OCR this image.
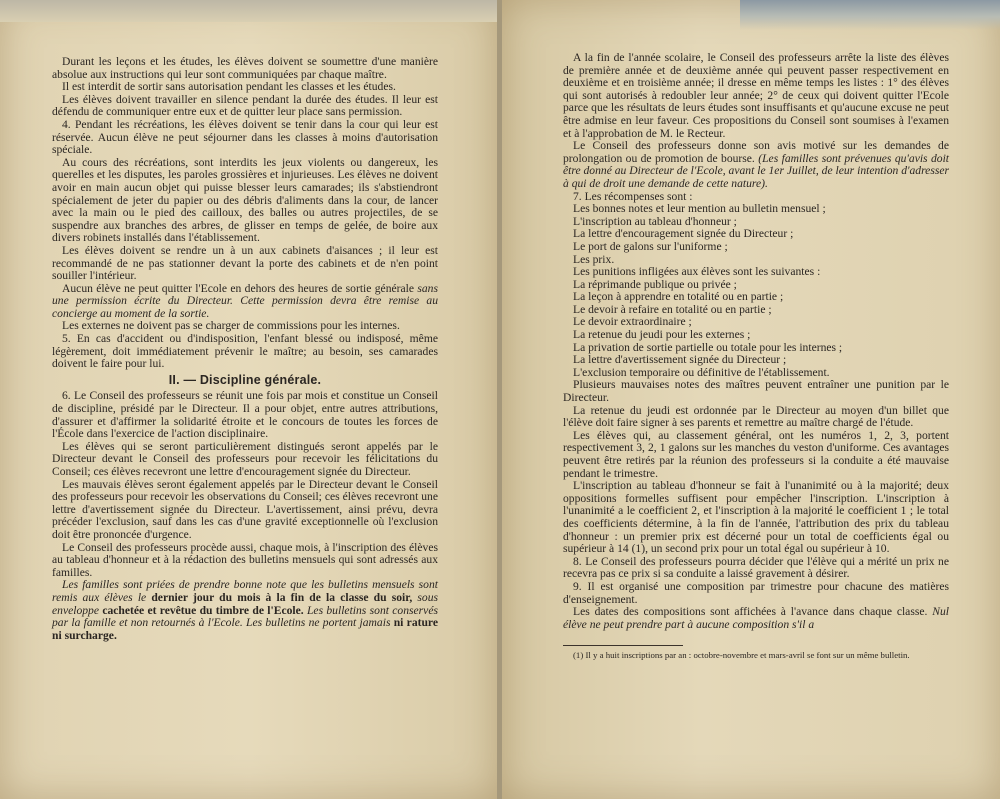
Durant les leçons et les études, les élèves doivent se soumettre d'une manière absolue aux instructions qui leur sont communiquées par chaque maître.

Il est interdit de sortir sans autorisation pendant les classes et les études.

Les élèves doivent travailler en silence pendant la durée des études. Il leur est défendu de communiquer entre eux et de quitter leur place sans permission.

4. Pendant les récréations, les élèves doivent se tenir dans la cour qui leur est réservée. Aucun élève ne peut séjourner dans les classes à moins d'autorisation spéciale.

Au cours des récréations, sont interdits les jeux violents ou dangereux, les querelles et les disputes, les paroles grossières et injurieuses. Les élèves ne doivent avoir en main aucun objet qui puisse blesser leurs camarades; ils s'abstiendront spécialement de jeter du papier ou des débris d'aliments dans la cour, de lancer avec la main ou le pied des cailloux, des balles ou autres projectiles, de se suspendre aux branches des arbres, de glisser en temps de gelée, de boire aux divers robinets installés dans l'établissement.

Les élèves doivent se rendre un à un aux cabinets d'aisances ; il leur est recommandé de ne pas stationner devant la porte des cabinets et de n'en point souiller l'intérieur.

Aucun élève ne peut quitter l'Ecole en dehors des heures de sortie générale sans une permission écrite du Directeur. Cette permission devra être remise au concierge au moment de la sortie.

Les externes ne doivent pas se charger de commissions pour les internes.

5. En cas d'accident ou d'indisposition, l'enfant blessé ou indisposé, même légèrement, doit immédiatement prévenir le maître; au besoin, ses camarades doivent le faire pour lui.

II. — Discipline générale.

6. Le Conseil des professeurs se réunit une fois par mois et constitue un Conseil de discipline, présidé par le Directeur. Il a pour objet, entre autres attributions, d'assurer et d'affirmer la solidarité étroite et le concours de toutes les forces de l'École dans l'exercice de l'action disciplinaire.

Les élèves qui se seront particulièrement distingués seront appelés par le Directeur devant le Conseil des professeurs pour recevoir les félicitations du Conseil; ces élèves recevront une lettre d'encouragement signée du Directeur.

Les mauvais élèves seront également appelés par le Directeur devant le Conseil des professeurs pour recevoir les observations du Conseil; ces élèves recevront une lettre d'avertissement signée du Directeur. L'avertissement, ainsi prévu, devra précéder l'exclusion, sauf dans les cas d'une gravité exceptionnelle où l'exclusion doit être prononcée d'urgence.

Le Conseil des professeurs procède aussi, chaque mois, à l'inscription des élèves au tableau d'honneur et à la rédaction des bulletins mensuels qui sont adressés aux familles.

Les familles sont priées de prendre bonne note que les bulletins mensuels sont remis aux élèves le dernier jour du mois à la fin de la classe du soir, sous enveloppe cachetée et revêtue du timbre de l'Ecole. Les bulletins sont conservés par la famille et non retournés à l'Ecole. Les bulletins ne portent jamais ni rature ni surcharge.

A la fin de l'année scolaire, le Conseil des professeurs arrête la liste des élèves de première année et de deuxième année qui peuvent passer respectivement en deuxième et en troisième année; il dresse en même temps les listes : 1° des élèves qui sont autorisés à redoubler leur année; 2° de ceux qui doivent quitter l'Ecole parce que les résultats de leurs études sont insuffisants et qu'aucune excuse ne peut être admise en leur faveur. Ces propositions du Conseil sont soumises à l'examen et à l'approbation de M. le Recteur.

Le Conseil des professeurs donne son avis motivé sur les demandes de prolongation ou de promotion de bourse. (Les familles sont prévenues qu'avis doit être donné au Directeur de l'Ecole, avant le 1er Juillet, de leur intention d'adresser à qui de droit une demande de cette nature).

7. Les récompenses sont :

Les bonnes notes et leur mention au bulletin mensuel ;

L'inscription au tableau d'honneur ;

La lettre d'encouragement signée du Directeur ;

Le port de galons sur l'uniforme ;

Les prix.

Les punitions infligées aux élèves sont les suivantes :

La réprimande publique ou privée ;

La leçon à apprendre en totalité ou en partie ;

Le devoir à refaire en totalité ou en partie ;

Le devoir extraordinaire ;

La retenue du jeudi pour les externes ;

La privation de sortie partielle ou totale pour les internes ;

La lettre d'avertissement signée du Directeur ;

L'exclusion temporaire ou définitive de l'établissement.

Plusieurs mauvaises notes des maîtres peuvent entraîner une punition par le Directeur.

La retenue du jeudi est ordonnée par le Directeur au moyen d'un billet que l'élève doit faire signer à ses parents et remettre au maître chargé de l'étude.

Les élèves qui, au classement général, ont les numéros 1, 2, 3, portent respectivement 3, 2, 1 galons sur les manches du veston d'uniforme. Ces avantages peuvent être retirés par la réunion des professeurs si la conduite a été mauvaise pendant le trimestre.

L'inscription au tableau d'honneur se fait à l'unanimité ou à la majorité; deux oppositions formelles suffisent pour empêcher l'inscription. L'inscription à l'unanimité a le coefficient 2, et l'inscription à la majorité le coefficient 1 ; le total des coefficients détermine, à la fin de l'année, l'attribution des prix du tableau d'honneur : un premier prix est décerné pour un total de coefficients égal ou supérieur à 14 (1), un second prix pour un total égal ou supérieur à 10.

8. Le Conseil des professeurs pourra décider que l'élève qui a mérité un prix ne recevra pas ce prix si sa conduite a laissé gravement à désirer.

9. Il est organisé une composition par trimestre pour chacune des matières d'enseignement.

Les dates des compositions sont affichées à l'avance dans chaque classe. Nul élève ne peut prendre part à aucune composition s'il a

(1) Il y a huit inscriptions par an : octobre-novembre et mars-avril se font sur un même bulletin.
